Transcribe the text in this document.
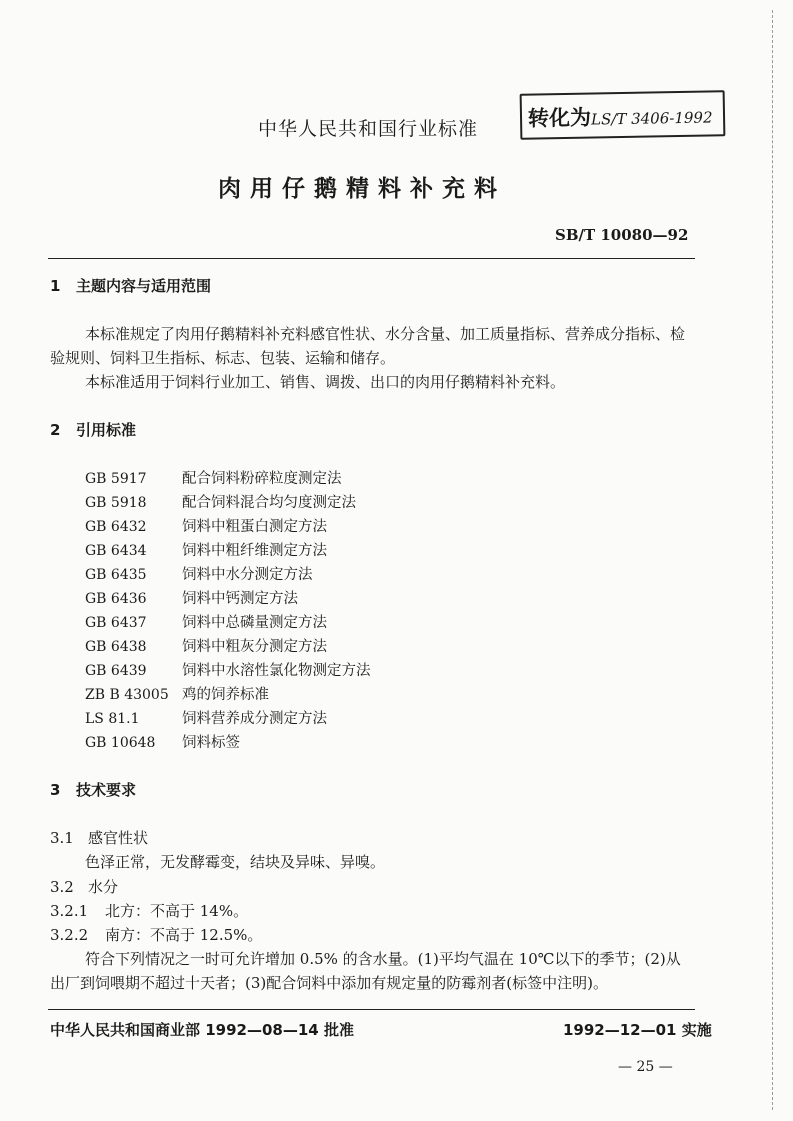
中华人民共和国行业标准	转化为LS/T 3406-1992
肉用仔鹅精料补充料
SB/T 10080—92
1 主题内容与适用范围
本标准规定了肉用仔鹅精料补充料感官性状、水分含量、加工质量指标、营养成分指标、检
验规则、饲料卫生指标、标志、包装、运输和储存。
本标准适用于饲料行业加工、销售、调拨、出口的肉用仔鹅精料补充料。
2 引用标准
GB 5917 配合饲料粉碎粒度测定法
GB 5918 配合饲料混合均匀度测定法
GB 6432 饲料中粗蛋白测定方法
GB 6434 饲料中粗纤维测定方法
GB 6435 饲料中水分测定方法
GB 6436 饲料中钙测定方法
GB 6437 饲料中总磷量测定方法
GB 6438 饲料中粗灰分测定方法
GB 6439 饲料中水溶性氯化物测定方法
ZB B 43005 鸡的饲养标准
LS 81.1	饲料营养成分测定方法
GB 10648 饲料标签
3 技术要求
3.1 感官性状
色泽正常，无发酵霉变，结块及异味、异嗅。
3.2 水分
3.2.1 北方：不高于 14%。
3.2.2 南方：不高于 12.5%。
符合下列情况之一时可允许增加 0.5% 的含水量。(1)平均气温在 10℃以下的季节；(2)从
出厂到饲喂期不超过十天者；(3)配合饲料中添加有规定量的防霉剂者(标签中注明)。
中华人民共和国商业部 1992—08—14 批准	1992—12—01 实施
— 25 —
